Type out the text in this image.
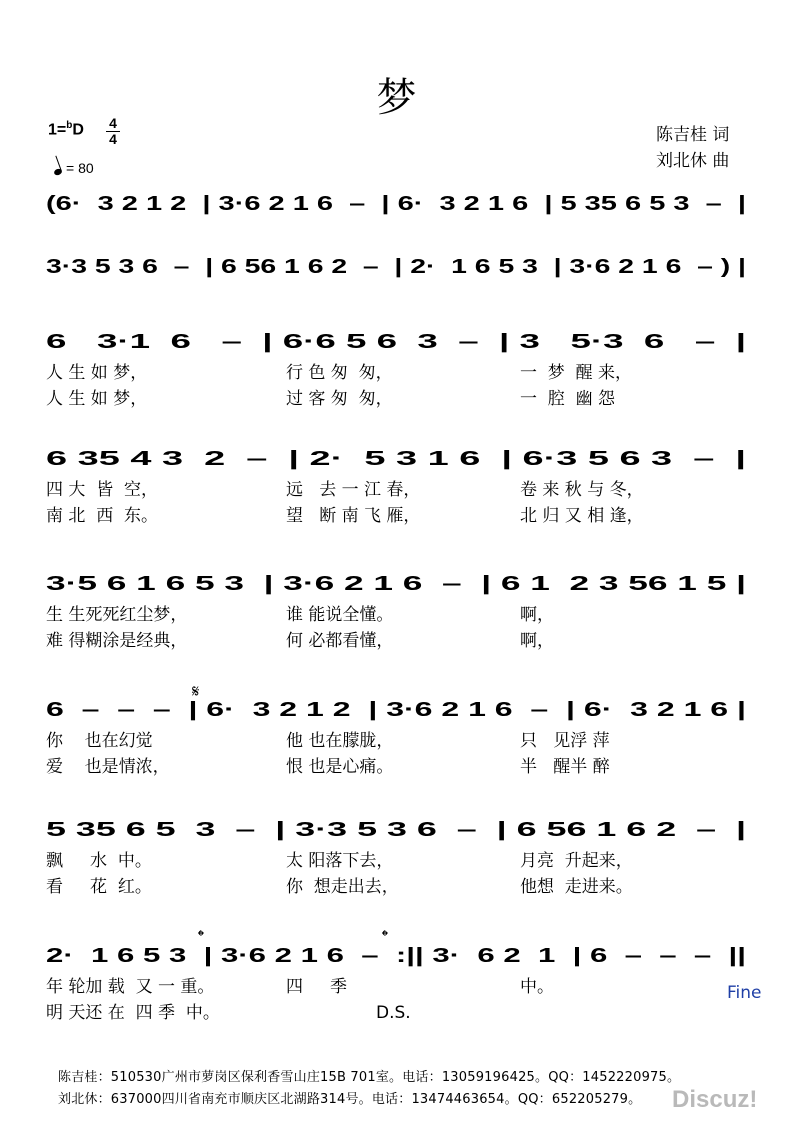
梦
1=$^b$D 4
4
= 80
陈吉桂 词
刘北休 曲
(6·  3 2 1 2  | 3·6 2 1 6  –  | 6·  3 2 1 6  | 5 35 6 5 3  –  |
3·3 5 3 6  –  | 6 56 1 6 2  –  | 2·  1 6 5 3  | 3·6 2 1 6  – ) |
6   3·1  6   –  | 6·6 5 6  3  –  | 3   5·3  6   –  |
人 生 如 梦，	行 色 匆  匆，	一  梦  醒 来，
人 生 如 梦，	过 客 匆  匆，	一  腔  幽 怨
6 35 4 3  2  –  | 2·  5 3 1 6  | 6·3 5 6 3  –  |
四 大  皆  空，	远   去 一 江 春，	卷 来 秋 与 冬，
南 北  西  东。	望   断 南 飞 雁，	北 归 又 相 逢，
3·5 6 1 6 5 3  | 3·6 2 1 6  –  | 6 1  2 3 56 1 5 |
生 生死死红尘梦，	谁 能说全懂。	啊，
难 得糊涂是经典，	何 必都看懂，	啊，
6  –  –  –  | 6·  3 2 1 2  | 3·6 2 1 6  –  | 6·  3 2 1 6 |
你    也在幻觉	他 也在朦胧，	只   见浮 萍
爱    也是情浓，	恨 也是心痛。	半   醒半 醉
5 35 6 5  3  –  | 3·3 5 3 6  –  | 6 56 1 6 2  –  |
飘     水  中。	太 阳落下去，	月亮  升起来，
看     花  红。	你  想走出去，	他想  走进来。
2·  1 6 5 3  | 3·6 2 1 6  –  :|| 3·  6 2  1  | 6  –  –  –  ||
年 轮加 载  又 一 重。	四     季	中。
明 天还 在  四 季  中。	D.S.
Fine
𝄋
𝄌	𝄌
陈吉桂：510530广州市萝岗区保利香雪山庄15B 701室。电话：13059196425。QQ：1452220975。
刘北休：637000四川省南充市顺庆区北湖路314号。电话：13474463654。QQ：652205279。 Discuz!
